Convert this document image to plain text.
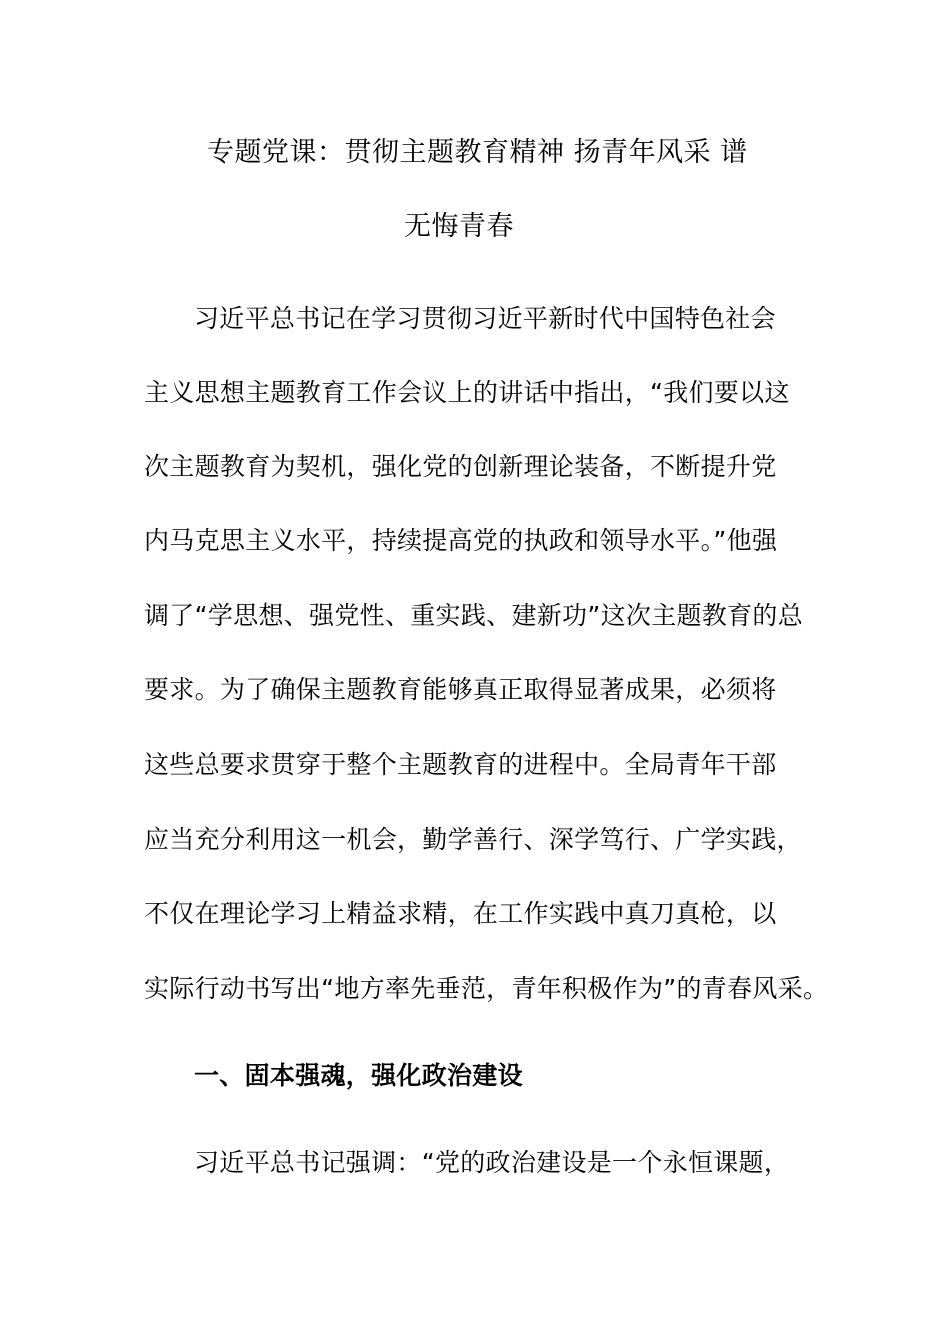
专题党课：贯彻主题教育精神 扬青年风采 谱
无悔青春
习近平总书记在学习贯彻习近平新时代中国特色社会
主义思想主题教育工作会议上的讲话中指出，“我们要以这
次主题教育为契机，强化党的创新理论装备，不断提升党
内马克思主义水平，持续提高党的执政和领导水平。”他强
调了“学思想、强党性、重实践、建新功”这次主题教育的总
要求。为了确保主题教育能够真正取得显著成果，必须将
这些总要求贯穿于整个主题教育的进程中。全局青年干部
应当充分利用这一机会，勤学善行、深学笃行、广学实践，
不仅在理论学习上精益求精，在工作实践中真刀真枪，以
实际行动书写出“地方率先垂范，青年积极作为”的青春风采。
一、固本强魂，强化政治建设
习近平总书记强调：“党的政治建设是一个永恒课题，
